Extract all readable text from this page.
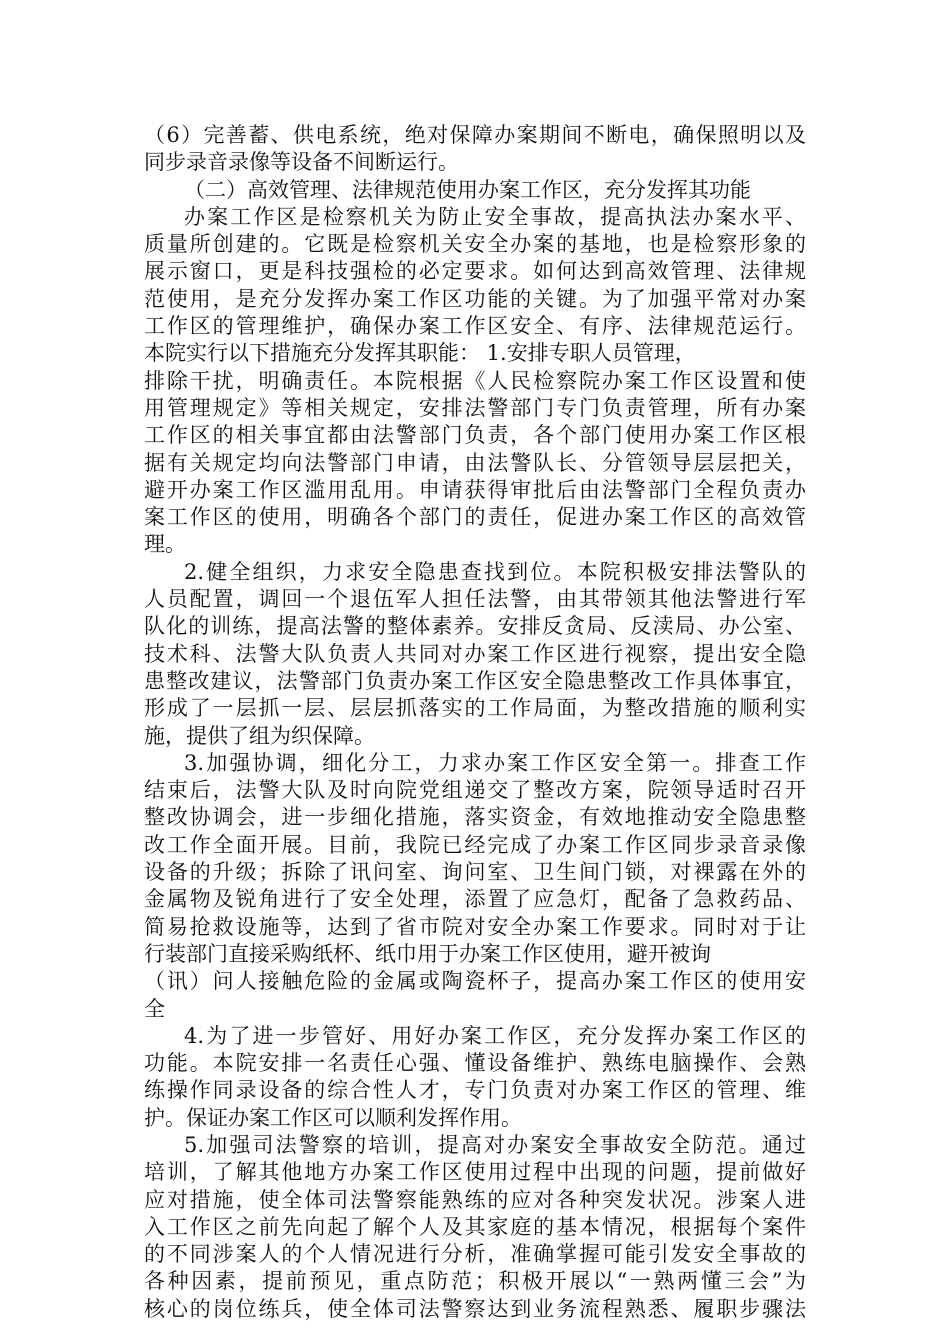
（6）完善蓄、供电系统，绝对保障办案期间不断电，确保照明以及
同步录音录像等设备不间断运行。
（二）高效管理、法律规范使用办案工作区，充分发挥其功能
办案工作区是检察机关为防止安全事故，提高执法办案水平、
质量所创建的。它既是检察机关安全办案的基地，也是检察形象的
展示窗口，更是科技强检的必定要求。如何达到高效管理、法律规
范使用，是充分发挥办案工作区功能的关键。为了加强平常对办案
工作区的管理维护，确保办案工作区安全、有序、法律规范运行。
本院实行以下措施充分发挥其职能： 1.安排专职人员管理，
排除干扰，明确责任。本院根据《人民检察院办案工作区设置和使
用管理规定》等相关规定，安排法警部门专门负责管理，所有办案
工作区的相关事宜都由法警部门负责，各个部门使用办案工作区根
据有关规定均向法警部门申请，由法警队长、分管领导层层把关，
避开办案工作区滥用乱用。申请获得审批后由法警部门全程负责办
案工作区的使用，明确各个部门的责任，促进办案工作区的高效管
理。
2.健全组织，力求安全隐患查找到位。本院积极安排法警队的
人员配置，调回一个退伍军人担任法警，由其带领其他法警进行军
队化的训练，提高法警的整体素养。安排反贪局、反渎局、办公室、
技术科、法警大队负责人共同对办案工作区进行视察，提出安全隐
患整改建议，法警部门负责办案工作区安全隐患整改工作具体事宜，
形成了一层抓一层、层层抓落实的工作局面，为整改措施的顺利实
施，提供了组为织保障。
3.加强协调，细化分工，力求办案工作区安全第一。排查工作
结束后，法警大队及时向院党组递交了整改方案，院领导适时召开
整改协调会，进一步细化措施，落实资金，有效地推动安全隐患整
改工作全面开展。目前，我院已经完成了办案工作区同步录音录像
设备的升级；拆除了讯问室、询问室、卫生间门锁，对裸露在外的
金属物及锐角进行了安全处理，添置了应急灯，配备了急救药品、
简易抢救设施等，达到了省市院对安全办案工作要求。同时对于让
行装部门直接采购纸杯、纸巾用于办案工作区使用，避开被询
（讯）问人接触危险的金属或陶瓷杯子，提高办案工作区的使用安
全
4.为了进一步管好、用好办案工作区，充分发挥办案工作区的
功能。本院安排一名责任心强、懂设备维护、熟练电脑操作、会熟
练操作同录设备的综合性人才，专门负责对办案工作区的管理、维
护。保证办案工作区可以顺利发挥作用。
5.加强司法警察的培训，提高对办案安全事故安全防范。通过
培训，了解其他地方办案工作区使用过程中出现的问题，提前做好
应对措施，使全体司法警察能熟练的应对各种突发状况。涉案人进
入工作区之前先向起了解个人及其家庭的基本情况，根据每个案件
的不同涉案人的个人情况进行分析，准确掌握可能引发安全事故的
各种因素，提前预见，重点防范；积极开展以“一熟两懂三会”为
核心的岗位练兵，使全体司法警察达到业务流程熟悉、履职步骤法
